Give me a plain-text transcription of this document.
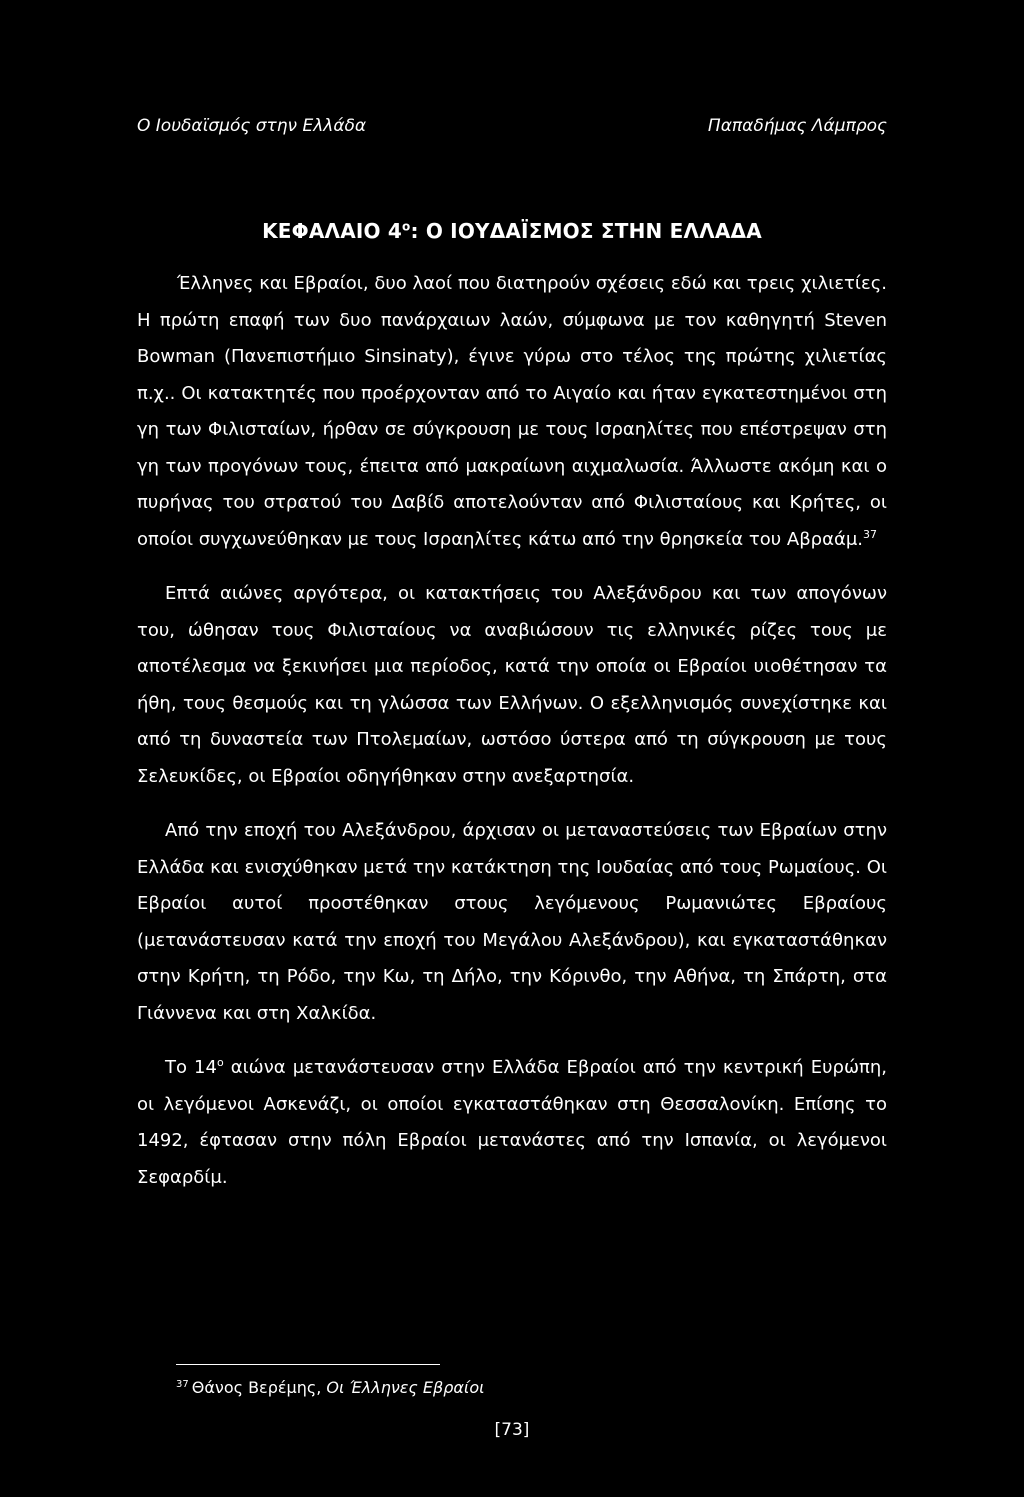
Ο Ιουδαϊσμός στην Ελλάδα	Παπαδήμας Λάμπρος
ΚΕΦΑΛΑΙΟ $4^o$: Ο ΙΟΥΔΑΪΣΜΟΣ ΣΤΗΝ ΕΛΛΑΔΑ

Έλληνες και Εβραίοι, δυο λαοί που διατηρούν σχέσεις εδώ και τρεις χιλιετίες. Η πρώτη επαφή των δυο πανάρχαιων λαών, σύμφωνα με τον καθηγητή Steven Bowman (Πανεπιστήμιο Sinsinaty), έγινε γύρω στο τέλος της πρώτης χιλιετίας π.χ.. Οι κατακτητές που προέρχονταν από το Αιγαίο και ήταν εγκατεστημένοι στη γη των Φιλισταίων, ήρθαν σε σύγκρουση με τους Ισραηλίτες που επέστρεψαν στη γη των προγόνων τους, έπειτα από μακραίωνη αιχμαλωσία. Άλλωστε ακόμη και ο πυρήνας του στρατού του Δαβίδ αποτελούνταν από Φιλισταίους και Κρήτες, οι οποίοι συγχωνεύθηκαν με τους Ισραηλίτες κάτω από την θρησκεία του Αβραάμ.$^{37}$

Επτά αιώνες αργότερα, οι κατακτήσεις του Αλεξάνδρου και των απογόνων του, ώθησαν τους Φιλισταίους να αναβιώσουν τις ελληνικές ρίζες τους με αποτέλεσμα να ξεκινήσει μια περίοδος, κατά την οποία οι Εβραίοι υιοθέτησαν τα ήθη, τους θεσμούς και τη γλώσσα των Ελλήνων. Ο εξελληνισμός συνεχίστηκε και από τη δυναστεία των Πτολεμαίων, ωστόσο ύστερα από τη σύγκρουση με τους Σελευκίδες, οι Εβραίοι οδηγήθηκαν στην ανεξαρτησία.

Από την εποχή του Αλεξάνδρου, άρχισαν οι μεταναστεύσεις των Εβραίων στην Ελλάδα και ενισχύθηκαν μετά την κατάκτηση της Ιουδαίας από τους Ρωμαίους. Οι Εβραίοι αυτοί προστέθηκαν στους λεγόμενους Ρωμανιώτες Εβραίους (μετανάστευσαν κατά την εποχή του Μεγάλου Αλεξάνδρου), και εγκαταστάθηκαν στην Κρήτη, τη Ρόδο, την Κω, τη Δήλο, την Κόρινθο, την Αθήνα, τη Σπάρτη, στα Γιάννενα και στη Χαλκίδα.

Το $14^o$ αιώνα μετανάστευσαν στην Ελλάδα Εβραίοι από την κεντρική Ευρώπη, οι λεγόμενοι Ασκενάζι, οι οποίοι εγκαταστάθηκαν στη Θεσσαλονίκη. Επίσης το 1492, έφτασαν στην πόλη Εβραίοι μετανάστες από την Ισπανία, οι λεγόμενοι Σεφαρδίμ.

$^{37}$ Θάνος Βερέμης, Οι Έλληνες Εβραίοι
[73]
